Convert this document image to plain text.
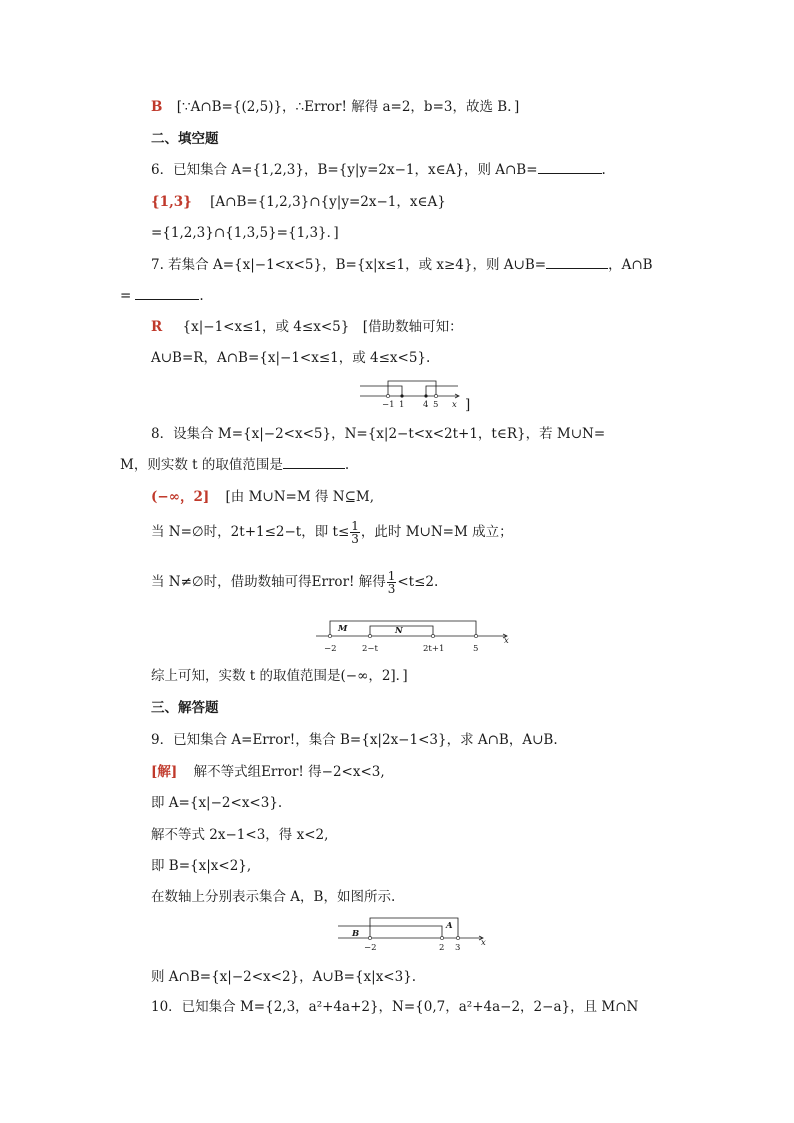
B [∵A∩B={(2,5)}，∴Error! 解得 a=2，b=3，故选 B．]
二、填空题
6．已知集合 A={1,2,3}，B={y|y=2x−1，x∈A}，则 A∩B=	.
{1,3} [A∩B={1,2,3}∩{y|y=2x−1，x∈A}
={1,2,3}∩{1,3,5}={1,3}．]
7. 若集合 A={x|−1<x<5}，B={x|x≤1，或 x≥4}，则 A∪B=	，A∩B
=	.
R {x|−1<x≤1，或 4≤x<5}　[借助数轴可知：
A∪B=R，A∩B={x|−1<x≤1，或 4≤x<5}.
−1 1 4 5 x ]
8．设集合 M={x|−2<x<5}，N={x|2−t<x<2t+1，t∈R}，若 M∪N=
M，则实数 t 的取值范围是	.
(−∞，2] [由 M∪N=M 得 N⊆M,
当 N=∅时，2t+1≤2−t，即 $t\le \frac{1}{3}$ ，此时 M∪N=M 成立；
当 N≠∅时，借助数轴可得Error! 解得 $\frac{1}{3} <t\le 2$.
M	N
−2	2−t	2t+1	5
x
综上可知，实数 t 的取值范围是(−∞，2]．]
三、解答题
9．已知集合 A=Error!，集合 B={x|2x−1<3}，求 A∩B，A∪B.
[解] 解不等式组Error! 得−2<x<3,
即 A={x|−2<x<3}.
解不等式 2x−1<3，得 x<2,
即 B={x|x<2},
在数轴上分别表示集合 A，B，如图所示.
A
B
−2	2 3 x
则 A∩B={x|−2<x<2}，A∪B={x|x<3}.
10．已知集合 M={2,3，a²+4a+2}，N={0,7，a²+4a−2，2−a}，且 M∩N
